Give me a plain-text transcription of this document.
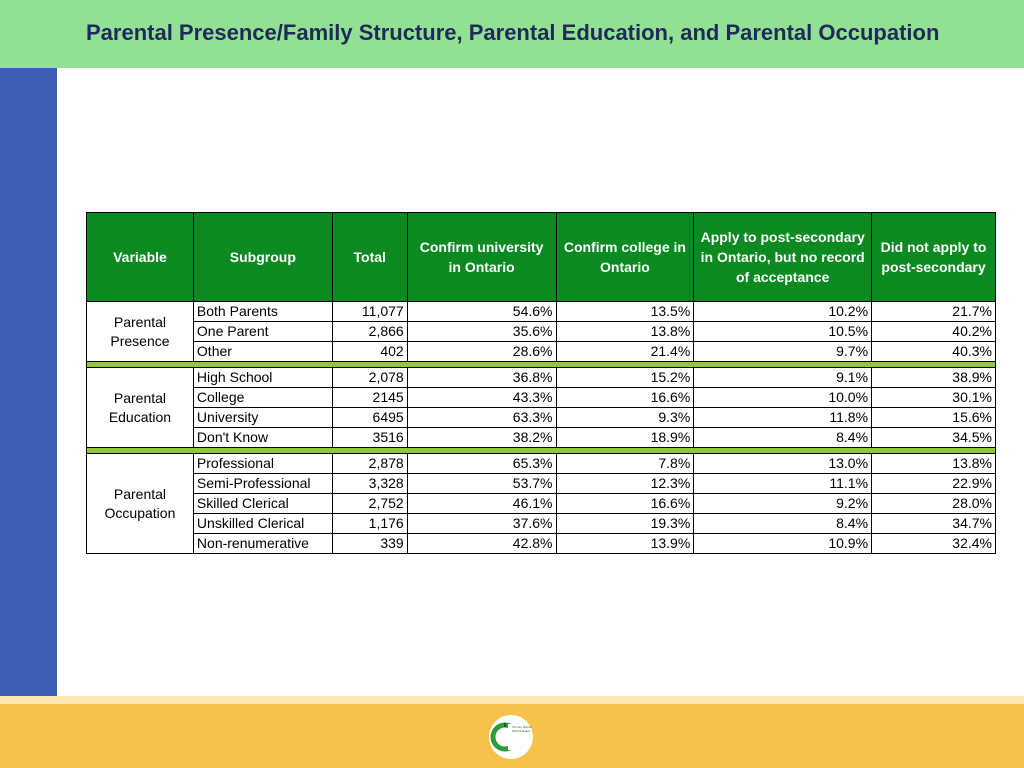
Parental Presence/Family Structure, Parental Education, and Parental Occupation
Variable	Subgroup	Total	Confirm university in Ontario	Confirm college in Ontario	Apply to post-secondary in Ontario, but no record of acceptance	Did not apply to post-secondary
Parental Presence	Both Parents	11,077	54.6%	13.5%	10.2%	21.7%
	One Parent	2,866	35.6%	13.8%	10.5%	40.2%
	Other	402	28.6%	21.4%	9.7%	40.3%

Parental Education	High School	2,078	36.8%	15.2%	9.1%	38.9%
	College	2145	43.3%	16.6%	10.0%	30.1%
	University	6495	63.3%	9.3%	11.8%	15.6%
	Don't Know	3516	38.2%	18.9%	8.4%	34.5%

Parental Occupation	Professional	2,878	65.3%	7.8%	13.0%	13.8%
	Semi-Professional	3,328	53.7%	12.3%	11.1%	22.9%
	Skilled Clerical	2,752	46.1%	16.6%	9.2%	28.0%
	Unskilled Clerical	1,176	37.6%	19.3%	8.4%	34.7%
	Non-renumerative	339	42.8%	13.9%	10.9%	32.4%
Toronto District School Board
